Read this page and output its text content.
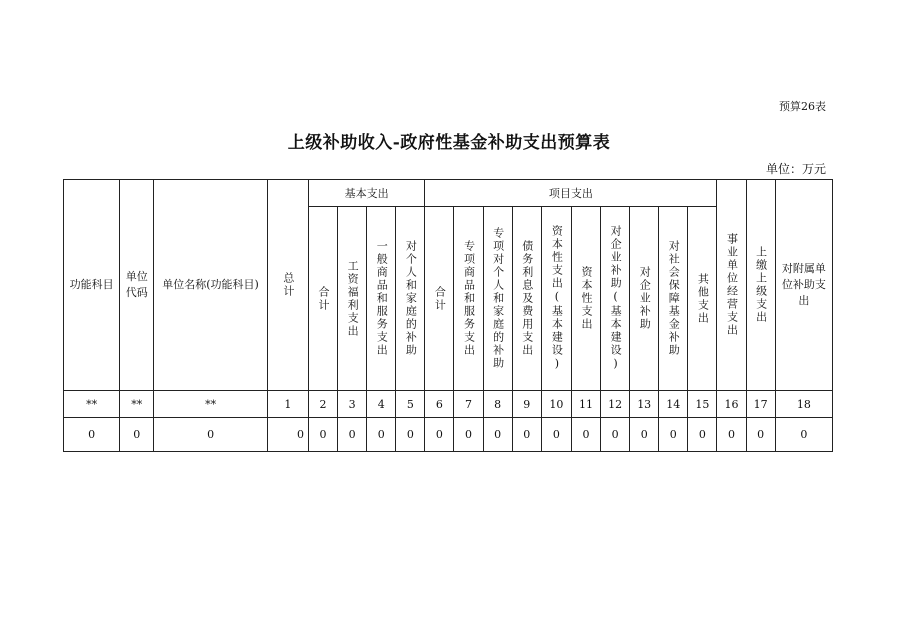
预算26表
上级补助收入-政府性基金补助支出预算表
单位：万元
功能科目	单位代码	单位名称(功能科目)	总计	基本支出				项目支出										事业单位经营支出	上缴上级支出	对附属单位补助支出

				合计	工资福利支出	一般商品和服务支出	对个人和家庭的补助	合计	专项商品和服务支出	专项对个人和家庭的补助	债务利息及费用支出	资本性支出(基本建设)	资本性支出	对企业补助(基本建设)	对企业补助	对社会保障基金补助	其他支出			

**	**	**	1	2	3	4	5	6	7	8	9	10	11	12	13	14	15	16	17	18
0	0	0	0	0	0	0	0	0	0	0	0	0	0	0	0	0	0	0	0	0
